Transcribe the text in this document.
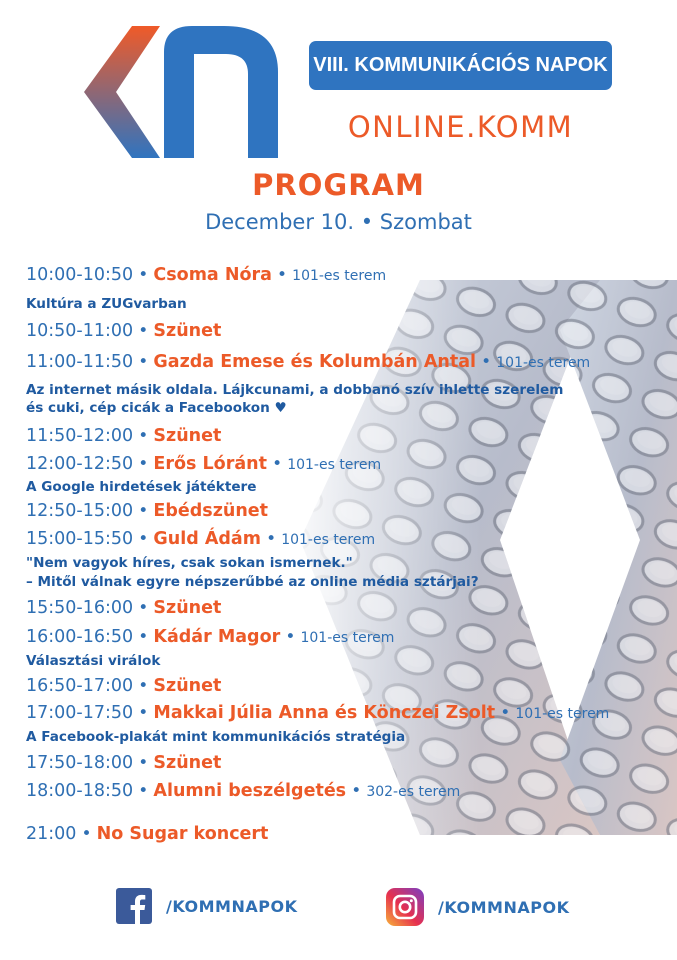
VIII. KOMMUNIKÁCIÓS NAPOK
ONLINE.KOMM
PROGRAM
December 10. • Szombat
10:00-10:50 • Csoma Nóra • 101-es terem
Kultúra a ZUGvarban
10:50-11:00 • Szünet
11:00-11:50 • Gazda Emese és Kolumbán Antal • 101-es terem
Az internet másik oldala. Lájkcunami, a dobbanó szív ihlette szerelem
és cuki, cép cicák a Facebookon ♥
11:50-12:00 • Szünet
12:00-12:50 • Erős Lóránt • 101-es terem
A Google hirdetések játéktere
12:50-15:00 • Ebédszünet
15:00-15:50 • Guld Ádám • 101-es terem
"Nem vagyok híres, csak sokan ismernek."
– Mitől válnak egyre népszerűbbé az online média sztárjai?
15:50-16:00 • Szünet
16:00-16:50 • Kádár Magor • 101-es terem
Választási virálok
16:50-17:00 • Szünet
17:00-17:50 • Makkai Júlia Anna és Könczei Zsolt • 101-es terem
A Facebook-plakát mint kommunikációs stratégia
17:50-18:00 • Szünet
18:00-18:50 • Alumni beszélgetés • 302-es terem
21:00 • No Sugar koncert
/KOMMNAPOK	/KOMMNAPOK
